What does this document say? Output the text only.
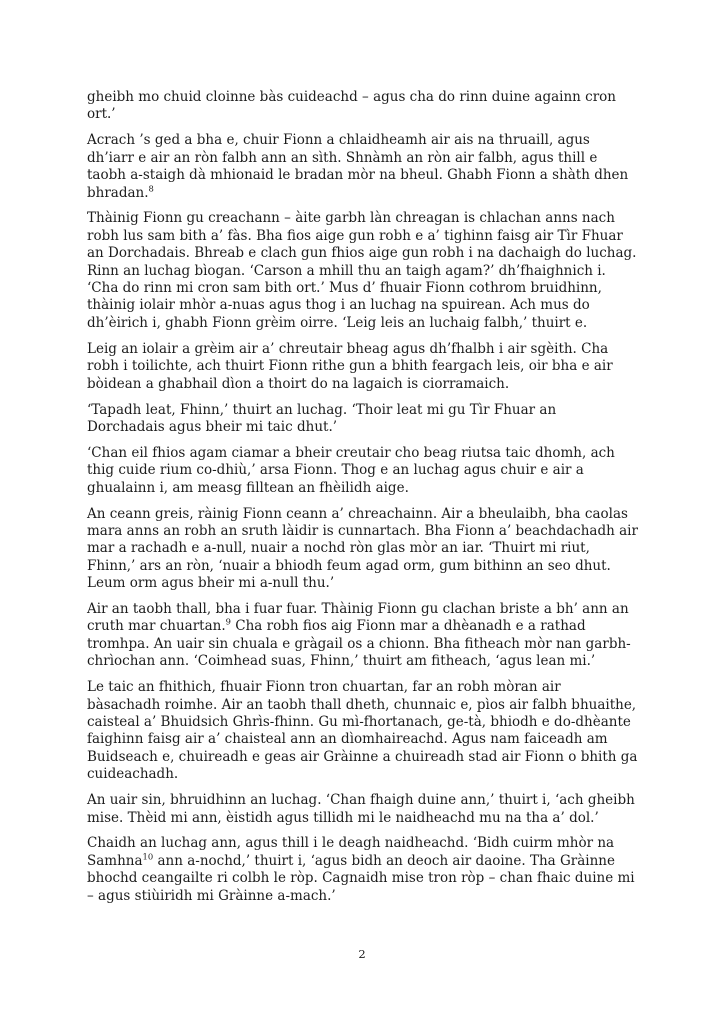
gheibh mo chuid cloinne bàs cuideachd – agus cha do rinn duine againn cron ort.’

Acrach ’s ged a bha e, chuir Fionn a chlaidheamh air ais na thruaill, agus dh’iarr e air an ròn falbh ann an sìth. Shnàmh an ròn air falbh, agus thill e taobh a-staigh dà mhionaid le bradan mòr na bheul. Ghabh Fionn a shàth dhen bhradan.$^8$

Thàinig Fionn gu creachann – àite garbh làn chreagan is chlachan anns nach robh lus sam bith a’ fàs. Bha fios aige gun robh e a’ tighinn faisg air Tìr Fhuar an Dorchadais. Bhreab e clach gun fhios aige gun robh i na dachaigh do luchag. Rinn an luchag bìogan. ‘Carson a mhill thu an taigh agam?’ dh’fhaighnich i. ‘Cha do rinn mi cron sam bith ort.’ Mus d’ fhuair Fionn cothrom bruidhinn, thàinig iolair mhòr a-nuas agus thog i an luchag na spuirean. Ach mus do dh’èirich i, ghabh Fionn grèim oirre. ‘Leig leis an luchaig falbh,’ thuirt e.

Leig an iolair a grèim air a’ chreutair bheag agus dh’fhalbh i air sgèith. Cha robh i toilichte, ach thuirt Fionn rithe gun a bhith feargach leis, oir bha e air bòidean a ghabhail dìon a thoirt do na lagaich is ciorramaich.

‘Tapadh leat, Fhinn,’ thuirt an luchag. ‘Thoir leat mi gu Tìr Fhuar an Dorchadais agus bheir mi taic dhut.’

‘Chan eil fhios agam ciamar a bheir creutair cho beag riutsa taic dhomh, ach thig cuide rium co-dhiù,’ arsa Fionn. Thog e an luchag agus chuir e air a ghualainn i, am measg filltean an fhèilidh aige.

An ceann greis, ràinig Fionn ceann a’ chreachainn. Air a bheulaibh, bha caolas mara anns an robh an sruth làidir is cunnartach. Bha Fionn a’ beachdachadh air mar a rachadh e a-null, nuair a nochd ròn glas mòr an iar. ‘Thuirt mi riut, Fhinn,’ ars an ròn, ‘nuair a bhiodh feum agad orm, gum bithinn an seo dhut. Leum orm agus bheir mi a-null thu.’

Air an taobh thall, bha i fuar fuar. Thàinig Fionn gu clachan briste a bh’ ann an cruth mar chuartan.$^9$ Cha robh fios aig Fionn mar a dhèanadh e a rathad tromhpa. An uair sin chuala e gràgail os a chionn. Bha fitheach mòr nan garbh-chrìochan ann. ‘Coimhead suas, Fhinn,’ thuirt am fitheach, ‘agus lean mi.’

Le taic an fhithich, fhuair Fionn tron chuartan, far an robh mòran air bàsachadh roimhe. Air an taobh thall dheth, chunnaic e, pìos air falbh bhuaithe, caisteal a’ Bhuidsich Ghrìs-fhinn. Gu mì-fhortanach, ge-tà, bhiodh e do-dhèante faighinn faisg air a’ chaisteal ann an dìomhaireachd. Agus nam faiceadh am Buidseach e, chuireadh e geas air Gràinne a chuireadh stad air Fionn o bhith ga cuideachadh.

An uair sin, bhruidhinn an luchag. ‘Chan fhaigh duine ann,’ thuirt i, ‘ach gheibh mise. Thèid mi ann, èistidh agus tillidh mi le naidheachd mu na tha a’ dol.’

Chaidh an luchag ann, agus thill i le deagh naidheachd. ‘Bidh cuirm mhòr na Samhna$^{10}$ ann a-nochd,’ thuirt i, ‘agus bidh an deoch air daoine. Tha Gràinne bhochd ceangailte ri colbh le ròp. Cagnaidh mise tron ròp – chan fhaic duine mi – agus stiùiridh mi Gràinne a-mach.’

2
